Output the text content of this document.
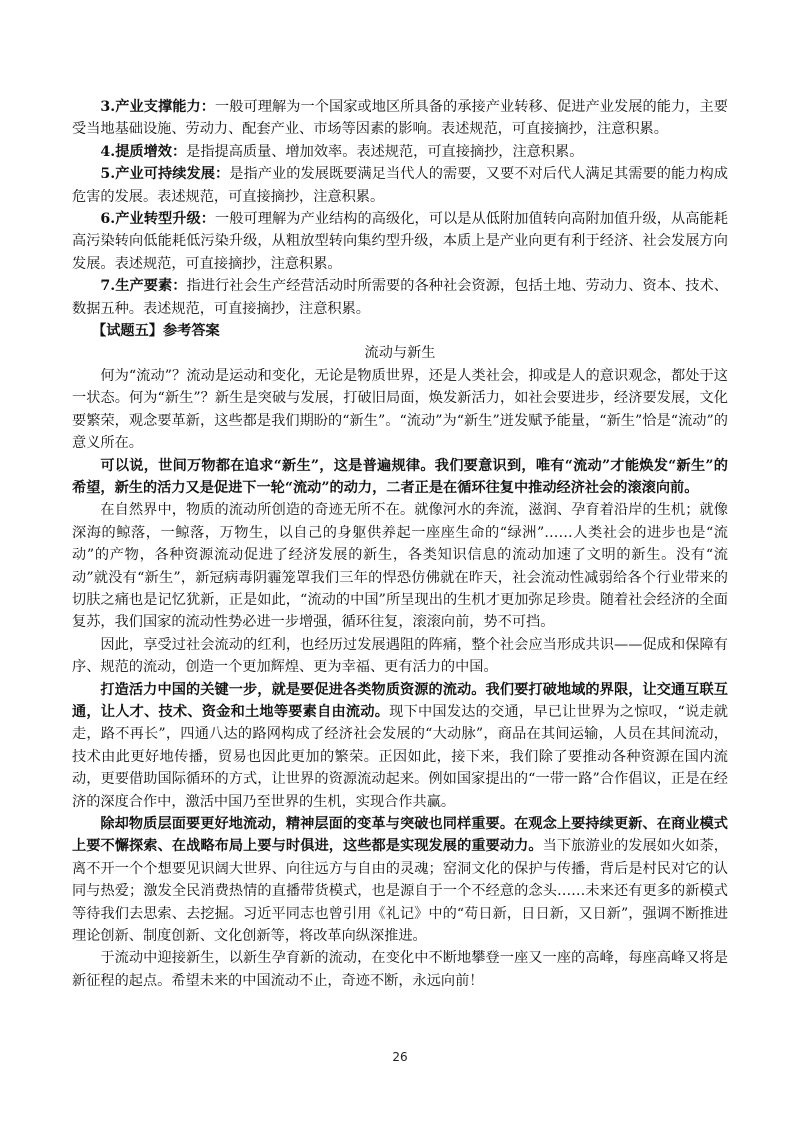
3.产业支撑能力：一般可理解为一个国家或地区所具备的承接产业转移、促进产业发展的能力，主要受当地基础设施、劳动力、配套产业、市场等因素的影响。表述规范，可直接摘抄，注意积累。

4.提质增效：是指提高质量、增加效率。表述规范，可直接摘抄，注意积累。

5.产业可持续发展：是指产业的发展既要满足当代人的需要，又要不对后代人满足其需要的能力构成危害的发展。表述规范，可直接摘抄，注意积累。

6.产业转型升级：一般可理解为产业结构的高级化，可以是从低附加值转向高附加值升级，从高能耗高污染转向低能耗低污染升级，从粗放型转向集约型升级，本质上是产业向更有利于经济、社会发展方向发展。表述规范，可直接摘抄，注意积累。

7.生产要素：指进行社会生产经营活动时所需要的各种社会资源，包括土地、劳动力、资本、技术、数据五种。表述规范，可直接摘抄，注意积累。

【试题五】参考答案

流动与新生

何为“流动”？流动是运动和变化，无论是物质世界，还是人类社会，抑或是人的意识观念，都处于这一状态。何为“新生”？新生是突破与发展，打破旧局面，焕发新活力，如社会要进步，经济要发展，文化要繁荣，观念要革新，这些都是我们期盼的“新生”。“流动”为“新生”迸发赋予能量，“新生”恰是“流动”的意义所在。

可以说，世间万物都在追求“新生”，这是普遍规律。我们要意识到，唯有“流动”才能焕发“新生”的希望，新生的活力又是促进下一轮“流动”的动力，二者正是在循环往复中推动经济社会的滚滚向前。

在自然界中，物质的流动所创造的奇迹无所不在。就像河水的奔流，滋润、孕育着沿岸的生机；就像深海的鲸落，一鲸落，万物生，以自己的身躯供养起一座座生命的“绿洲”……人类社会的进步也是“流动”的产物，各种资源流动促进了经济发展的新生，各类知识信息的流动加速了文明的新生。没有“流动”就没有“新生”，新冠病毒阴霾笼罩我们三年的悍恐仿佛就在昨天，社会流动性减弱给各个行业带来的切肤之痛也是记忆犹新，正是如此，“流动的中国”所呈现出的生机才更加弥足珍贵。随着社会经济的全面复苏，我们国家的流动性势必进一步增强，循环往复，滚滚向前，势不可挡。

因此，享受过社会流动的红利，也经历过发展遇阻的阵痛，整个社会应当形成共识——促成和保障有序、规范的流动，创造一个更加辉煌、更为幸福、更有活力的中国。

打造活力中国的关键一步，就是要促进各类物质资源的流动。我们要打破地域的界限，让交通互联互通，让人才、技术、资金和土地等要素自由流动。现下中国发达的交通，早已让世界为之惊叹，“说走就走，路不再长”，四通八达的路网构成了经济社会发展的“大动脉”，商品在其间运输，人员在其间流动，技术由此更好地传播，贸易也因此更加的繁荣。正因如此，接下来，我们除了要推动各种资源在国内流动，更要借助国际循环的方式，让世界的资源流动起来。例如国家提出的“一带一路”合作倡议，正是在经济的深度合作中，激活中国乃至世界的生机，实现合作共赢。

除却物质层面要更好地流动，精神层面的变革与突破也同样重要。在观念上要持续更新、在商业模式上要不懈探索、在战略布局上要与时俱进，这些都是实现发展的重要动力。当下旅游业的发展如火如荼，离不开一个个想要见识阔大世界、向往远方与自由的灵魂；窑洞文化的保护与传播，背后是村民对它的认同与热爱；激发全民消费热情的直播带货模式，也是源自于一个不经意的念头……未来还有更多的新模式等待我们去思索、去挖掘。习近平同志也曾引用《礼记》中的“苟日新，日日新，又日新”，强调不断推进理论创新、制度创新、文化创新等，将改革向纵深推进。

于流动中迎接新生，以新生孕育新的流动，在变化中不断地攀登一座又一座的高峰，每座高峰又将是新征程的起点。希望未来的中国流动不止，奇迹不断，永远向前！

26
